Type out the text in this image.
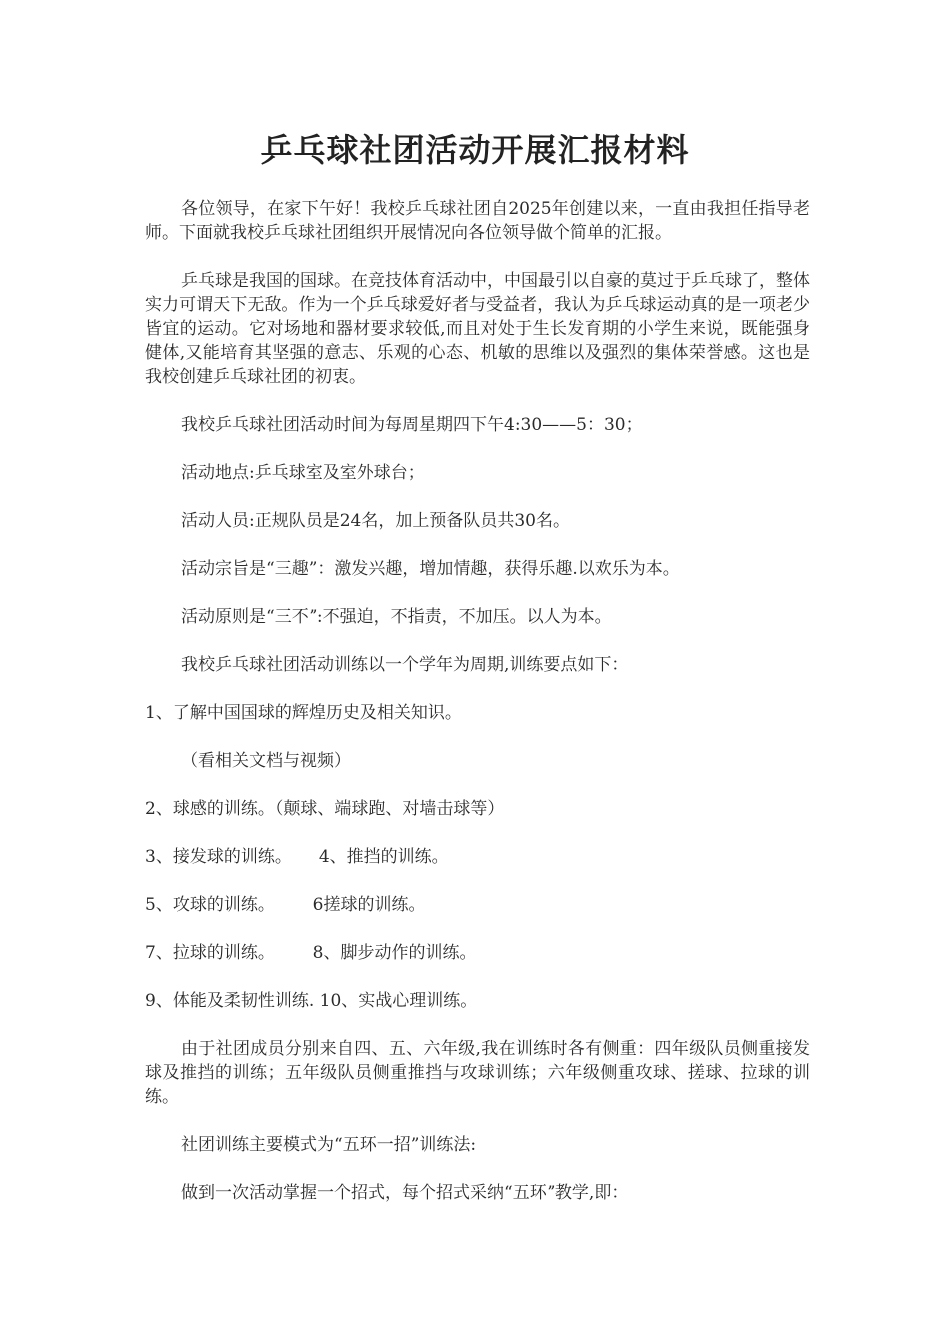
乒乓球社团活动开展汇报材料

各位领导，在家下午好！我校乒乓球社团自2025年创建以来，一直由我担任指导老师。下面就我校乒乓球社团组织开展情况向各位领导做个简单的汇报。

乒乓球是我国的国球。在竞技体育活动中，中国最引以自豪的莫过于乒乓球了，整体实力可谓天下无敌。作为一个乒乓球爱好者与受益者，我认为乒乓球运动真的是一项老少皆宜的运动。它对场地和器材要求较低,而且对处于生长发育期的小学生来说，既能强身健体,又能培育其坚强的意志、乐观的心态、机敏的思维以及强烈的集体荣誉感。这也是我校创建乒乓球社团的初衷。

我校乒乓球社团活动时间为每周星期四下午4:30——5：30；

活动地点:乒乓球室及室外球台；

活动人员:正规队员是24名，加上预备队员共30名。

活动宗旨是“三趣”：激发兴趣，增加情趣，获得乐趣.以欢乐为本。

活动原则是“三不ˮ:不强迫，不指责，不加压。以人为本。

我校乒乓球社团活动训练以一个学年为周期,训练要点如下：

1、了解中国国球的辉煌历史及相关知识。

（看相关文档与视频）

2、球感的训练。（颠球、端球跑、对墙击球等）

3、接发球的训练。     4、推挡的训练。

5、攻球的训练。       6搓球的训练。

7、拉球的训练。       8、脚步动作的训练。

9、体能及柔韧性训练. 10、实战心理训练。

由于社团成员分别来自四、五、六年级,我在训练时各有侧重：四年级队员侧重接发球及推挡的训练；五年级队员侧重推挡与攻球训练；六年级侧重攻球、搓球、拉球的训练。

社团训练主要模式为“五环一招”训练法:

做到一次活动掌握一个招式，每个招式采纳“五环ˮ教学,即：
